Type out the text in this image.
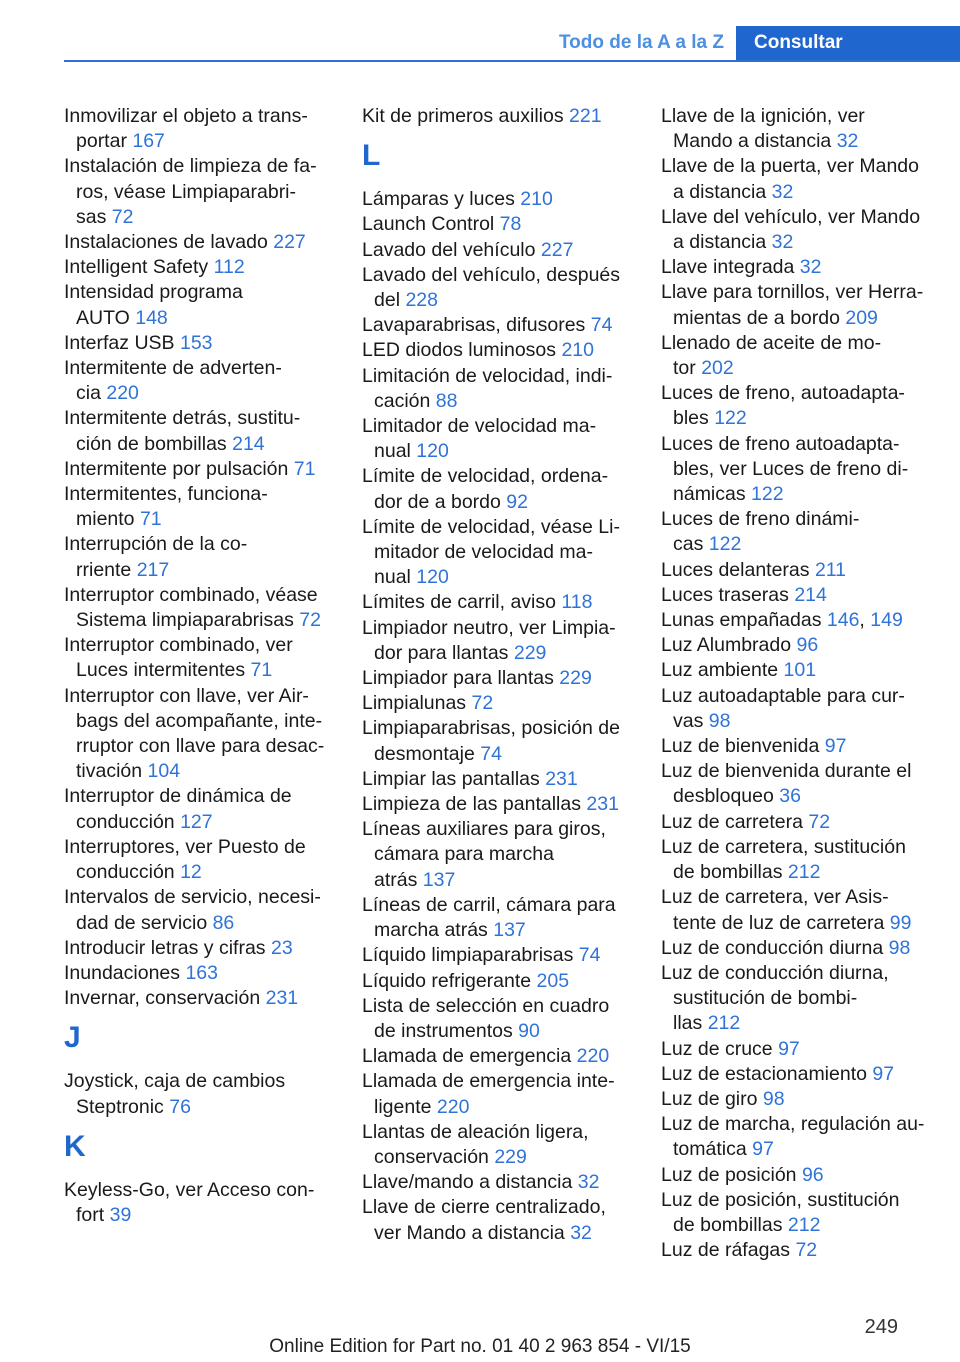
Todo de la A a la Z	Consultar
Inmovilizar el objeto a trans-
portar 167
Instalación de limpieza de fa-
ros, véase Limpiaparabri-
sas 72
Instalaciones de lavado 227
Intelligent Safety 112
Intensidad programa
AUTO 148
Interfaz USB 153
Intermitente de adverten-
cia 220
Intermitente detrás, sustitu-
ción de bombillas 214
Intermitente por pulsación 71
Intermitentes, funciona-
miento 71
Interrupción de la co-
rriente 217
Interruptor combinado, véase
Sistema limpiaparabrisas 72
Interruptor combinado, ver
Luces intermitentes 71
Interruptor con llave, ver Air-
bags del acompañante, inte-
rruptor con llave para desac-
tivación 104
Interruptor de dinámica de
conducción 127
Interruptores, ver Puesto de
conducción 12
Intervalos de servicio, necesi-
dad de servicio 86
Introducir letras y cifras 23
Inundaciones 163
Invernar, conservación 231
J
Joystick, caja de cambios
Steptronic 76
K
Keyless-Go, ver Acceso con-
fort 39
Kit de primeros auxilios 221
L
Lámparas y luces 210
Launch Control 78
Lavado del vehículo 227
Lavado del vehículo, después
del 228
Lavaparabrisas, difusores 74
LED diodos luminosos 210
Limitación de velocidad, indi-
cación 88
Limitador de velocidad ma-
nual 120
Límite de velocidad, ordena-
dor de a bordo 92
Límite de velocidad, véase Li-
mitador de velocidad ma-
nual 120
Límites de carril, aviso 118
Limpiador neutro, ver Limpia-
dor para llantas 229
Limpiador para llantas 229
Limpialunas 72
Limpiaparabrisas, posición de
desmontaje 74
Limpiar las pantallas 231
Limpieza de las pantallas 231
Líneas auxiliares para giros,
cámara para marcha
atrás 137
Líneas de carril, cámara para
marcha atrás 137
Líquido limpiaparabrisas 74
Líquido refrigerante 205
Lista de selección en cuadro
de instrumentos 90
Llamada de emergencia 220
Llamada de emergencia inte-
ligente 220
Llantas de aleación ligera,
conservación 229
Llave/mando a distancia 32
Llave de cierre centralizado,
ver Mando a distancia 32
Llave de la ignición, ver
Mando a distancia 32
Llave de la puerta, ver Mando
a distancia 32
Llave del vehículo, ver Mando
a distancia 32
Llave integrada 32
Llave para tornillos, ver Herra-
mientas de a bordo 209
Llenado de aceite de mo-
tor 202
Luces de freno, autoadapta-
bles 122
Luces de freno autoadapta-
bles, ver Luces de freno di-
námicas 122
Luces de freno dinámi-
cas 122
Luces delanteras 211
Luces traseras 214
Lunas empañadas 146, 149
Luz Alumbrado 96
Luz ambiente 101
Luz autoadaptable para cur-
vas 98
Luz de bienvenida 97
Luz de bienvenida durante el
desbloqueo 36
Luz de carretera 72
Luz de carretera, sustitución
de bombillas 212
Luz de carretera, ver Asis-
tente de luz de carretera 99
Luz de conducción diurna 98
Luz de conducción diurna,
sustitución de bombi-
llas 212
Luz de cruce 97
Luz de estacionamiento 97
Luz de giro 98
Luz de marcha, regulación au-
tomática 97
Luz de posición 96
Luz de posición, sustitución
de bombillas 212
Luz de ráfagas 72
249
Online Edition for Part no. 01 40 2 963 854 - VI/15
